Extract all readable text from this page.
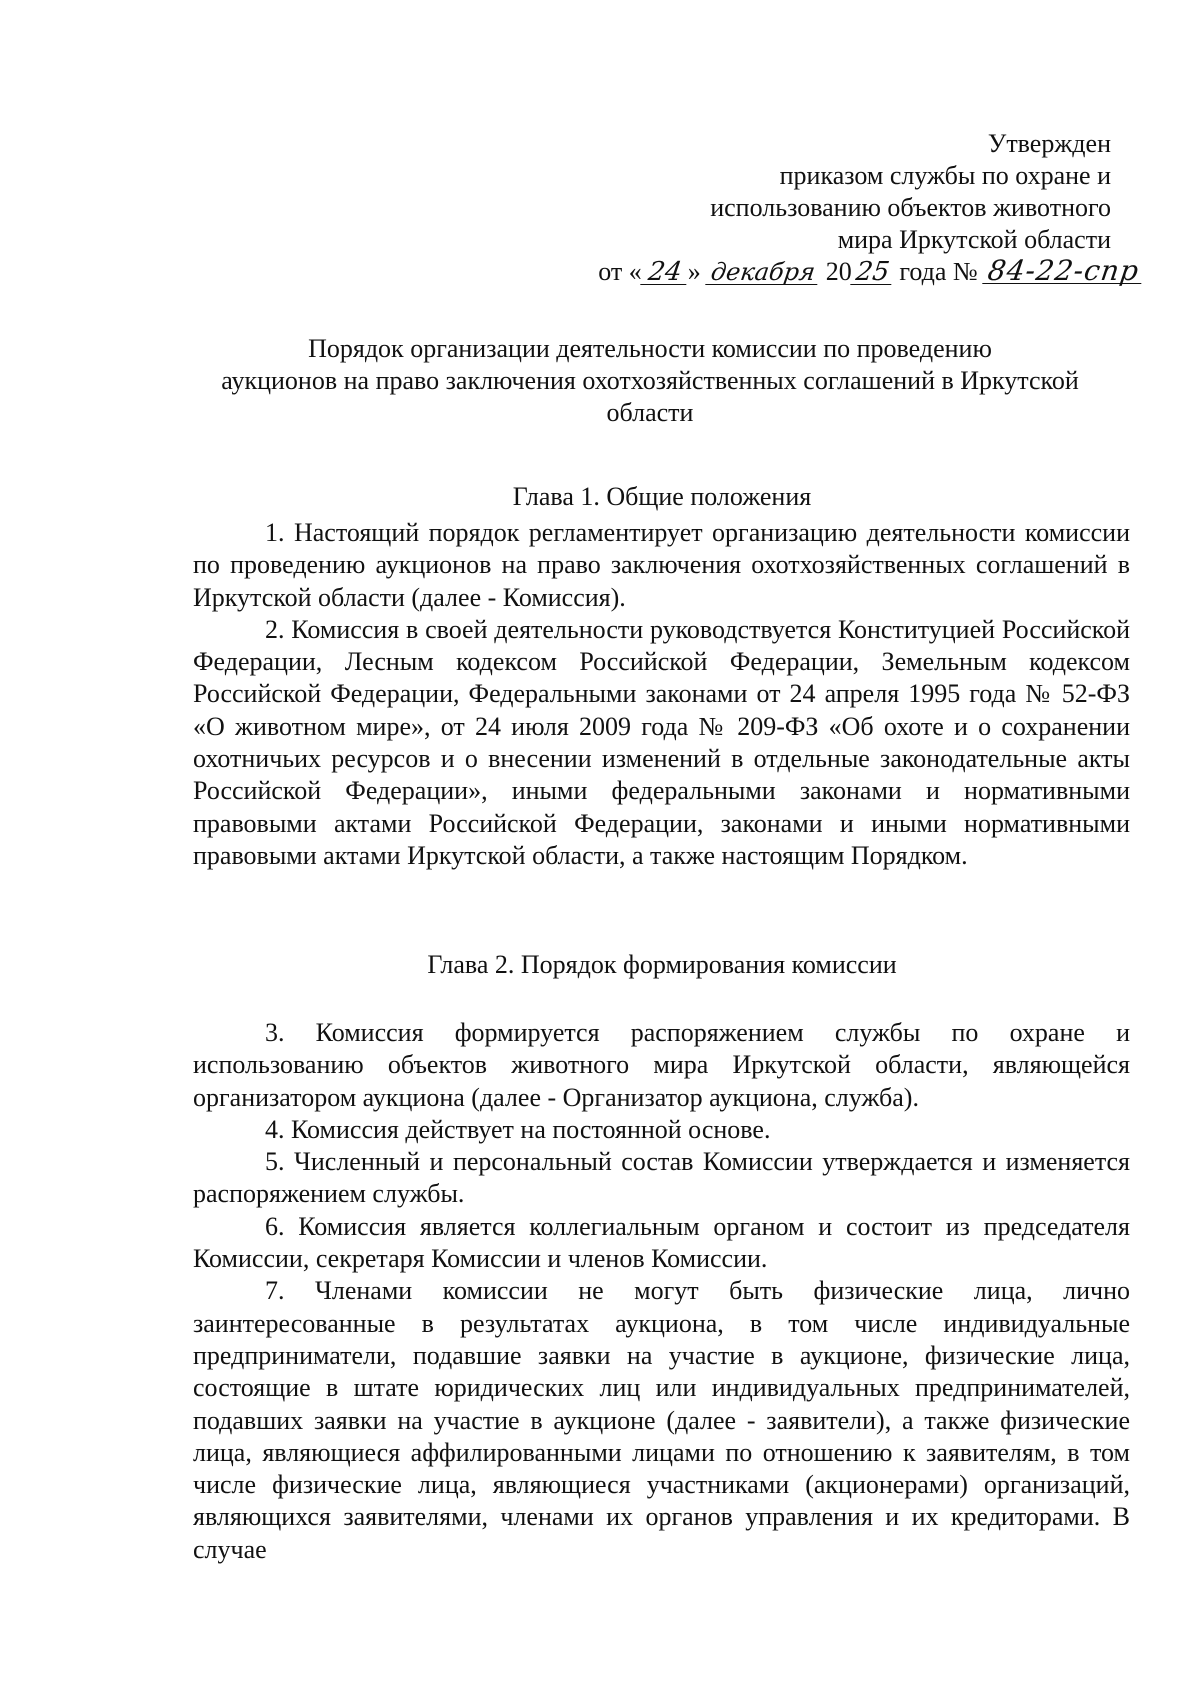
Утвержден
приказом службы по охране и
использованию объектов животного
мира Иркутской области
от « 24 » декабря 2025 года № 84-22-спр
Порядок организации деятельности комиссии по проведению
аукционов на право заключения охотхозяйственных соглашений в Иркутской
области
Глава 1. Общие положения

1. Настоящий порядок регламентирует организацию деятельности комиссии по проведению аукционов на право заключения охотхозяйственных соглашений в Иркутской области (далее - Комиссия).

2. Комиссия в своей деятельности руководствуется Конституцией Российской Федерации, Лесным кодексом Российской Федерации, Земельным кодексом Российской Федерации, Федеральными законами от 24 апреля 1995 года № 52-ФЗ «О животном мире», от 24 июля 2009 года № 209-ФЗ «Об охоте и о сохранении охотничьих ресурсов и о внесении изменений в отдельные законодательные акты Российской Федерации», иными федеральными законами и нормативными правовыми актами Российской Федерации, законами и иными нормативными правовыми актами Иркутской области, а также настоящим Порядком.

Глава 2. Порядок формирования комиссии

3. Комиссия формируется распоряжением службы по охране и использованию объектов животного мира Иркутской области, являющейся организатором аукциона (далее - Организатор аукциона, служба).

4. Комиссия действует на постоянной основе.

5. Численный и персональный состав Комиссии утверждается и изменяется распоряжением службы.

6. Комиссия является коллегиальным органом и состоит из председателя Комиссии, секретаря Комиссии и членов Комиссии.

7. Членами комиссии не могут быть физические лица, лично заинтересованные в результатах аукциона, в том числе индивидуальные предприниматели, подавшие заявки на участие в аукционе, физические лица, состоящие в штате юридических лиц или индивидуальных предпринимателей, подавших заявки на участие в аукционе (далее - заявители), а также физические лица, являющиеся аффилированными лицами по отношению к заявителям, в том числе физические лица, являющиеся участниками (акционерами) организаций, являющихся заявителями, членами их органов управления и их кредиторами. В случае
